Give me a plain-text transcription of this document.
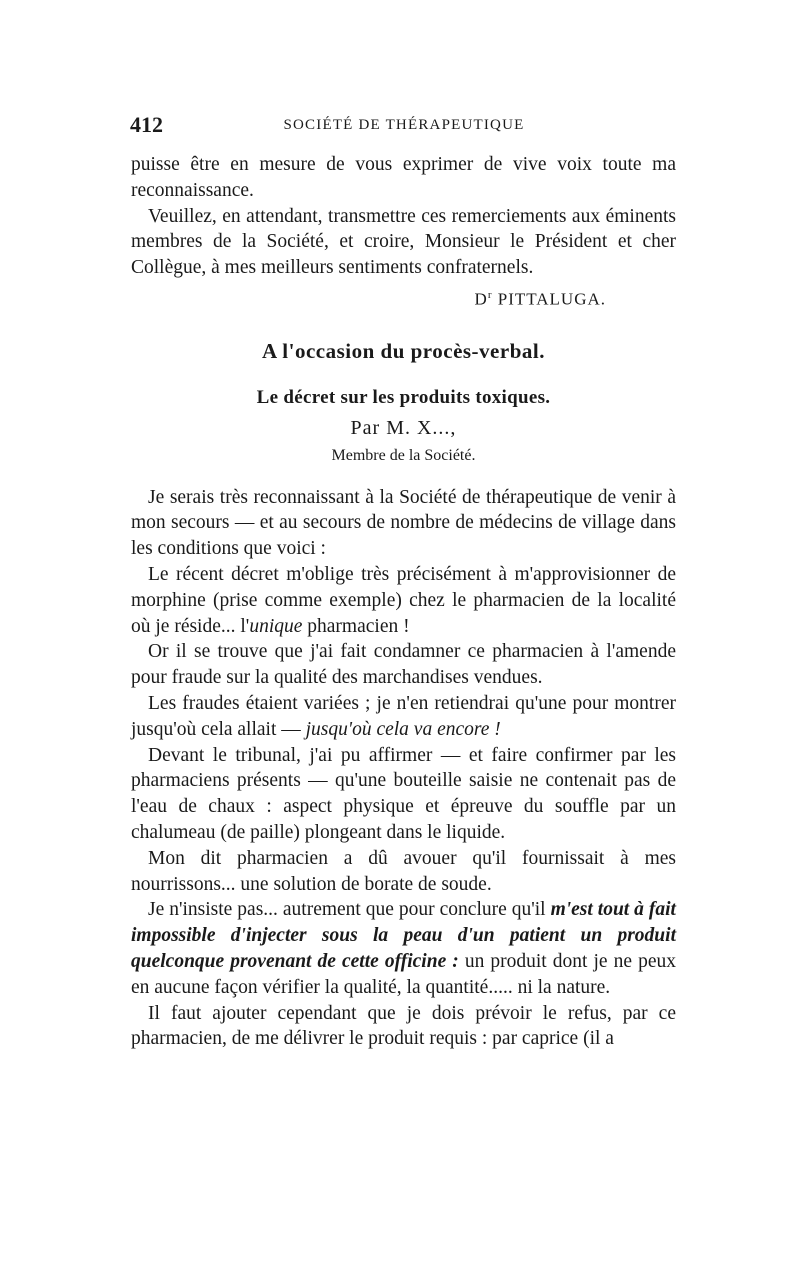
412	SOCIÉTÉ DE THÉRAPEUTIQUE

puisse être en mesure de vous exprimer de vive voix toute ma reconnaissance.

Veuillez, en attendant, transmettre ces remerciements aux éminents membres de la Société, et croire, Monsieur le Président et cher Collègue, à mes meilleurs sentiments confraternels.

$D^r$ PITTALUGA.
A l'occasion du procès-verbal.
Le décret sur les produits toxiques.
Par M. X...,
Membre de la Société.

Je serais très reconnaissant à la Société de thérapeutique de venir à mon secours — et au secours de nombre de médecins de village dans les conditions que voici :

Le récent décret m'oblige très précisément à m'approvisionner de morphine (prise comme exemple) chez le pharmacien de la localité où je réside... l'unique pharmacien !

Or il se trouve que j'ai fait condamner ce pharmacien à l'amende pour fraude sur la qualité des marchandises vendues.

Les fraudes étaient variées ; je n'en retiendrai qu'une pour montrer jusqu'où cela allait — jusqu'où cela va encore !

Devant le tribunal, j'ai pu affirmer — et faire confirmer par les pharmaciens présents — qu'une bouteille saisie ne contenait pas de l'eau de chaux : aspect physique et épreuve du souffle par un chalumeau (de paille) plongeant dans le liquide.

Mon dit pharmacien a dû avouer qu'il fournissait à mes nourrissons... une solution de borate de soude.

Je n'insiste pas... autrement que pour conclure qu'il m'est tout à fait impossible d'injecter sous la peau d'un patient un produit quelconque provenant de cette officine : un produit dont je ne peux en aucune façon vérifier la qualité, la quantité..... ni la nature.

Il faut ajouter cependant que je dois prévoir le refus, par ce pharmacien, de me délivrer le produit requis : par caprice (il a
